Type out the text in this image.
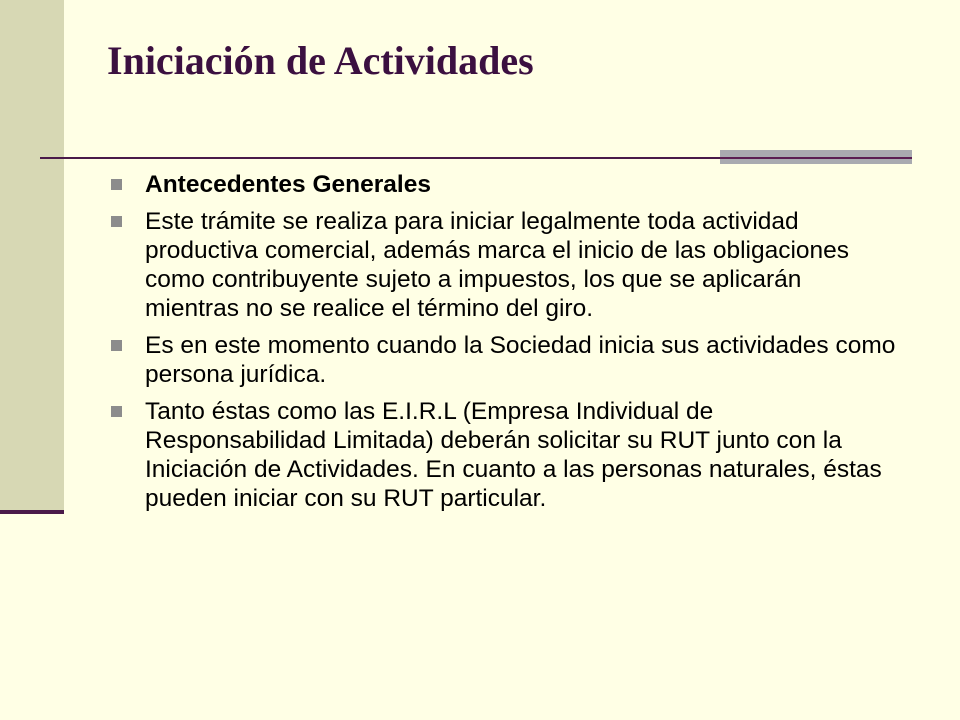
Iniciación de Actividades
Antecedentes Generales
Este trámite se realiza para iniciar legalmente toda actividad productiva comercial, además marca el inicio de las obligaciones como contribuyente sujeto a impuestos, los que se aplicarán mientras no se realice el término del giro.
Es en este momento cuando la Sociedad inicia sus actividades como persona jurídica.
Tanto éstas como las E.I.R.L (Empresa Individual de Responsabilidad Limitada) deberán solicitar su RUT junto con la Iniciación de Actividades. En cuanto a las personas naturales, éstas pueden iniciar con su RUT particular.
